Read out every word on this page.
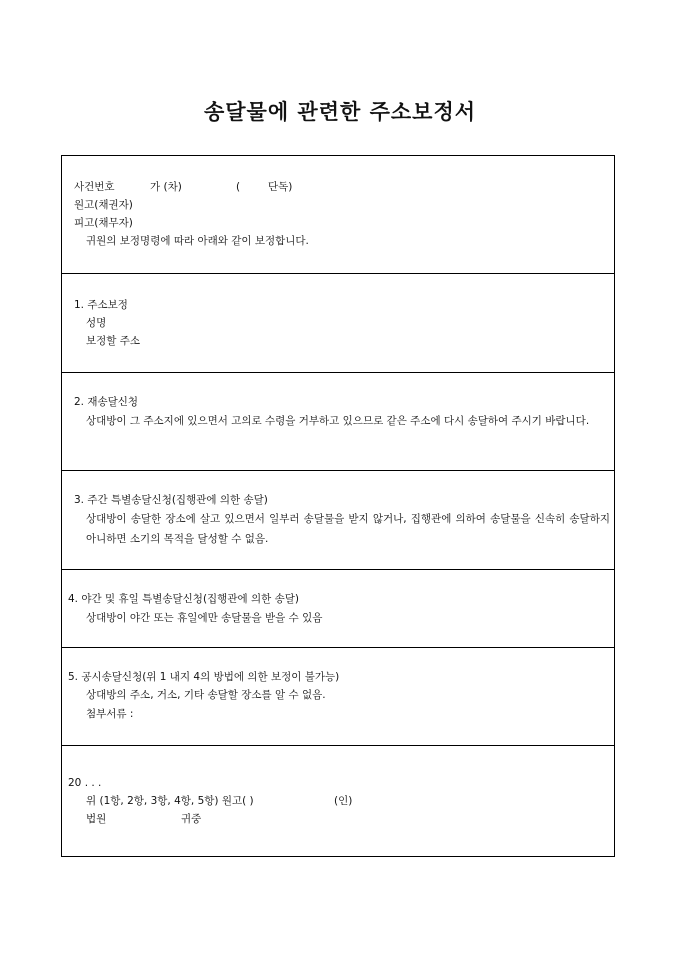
송달물에 관련한 주소보정서
사건번호	가 (차)	(	단독)
원고(채권자)
피고(채무자)
귀원의 보정명령에 따라 아래와 같이 보정합니다.
1. 주소보정
성명
보정할 주소
2. 재송달신청
상대방이 그 주소지에 있으면서 고의로 수령을 거부하고 있으므로 같은 주소에 다시 송달하여 주시기 바랍니다.
3. 주간 특별송달신청(집행관에 의한 송달)
상대방이 송달한 장소에 살고 있으면서 일부러 송달물을 받지 않거나, 집행관에 의하여 송달물을 신속히 송달하지 아니하면 소기의 목적을 달성할 수 없음.
4. 야간 및 휴일 특별송달신청(집행관에 의한 송달)
상대방이 야간 또는 휴일에만 송달물을 받을 수 있음
5. 공시송달신청(위 1 내지 4의 방법에 의한 보정이 불가능)
상대방의 주소, 거소, 기타 송달할 장소를 알 수 없음.
첨부서류 :
20 . . .
위 (1항, 2항, 3항, 4항, 5항) 원고( )	(인)
법원	귀중
